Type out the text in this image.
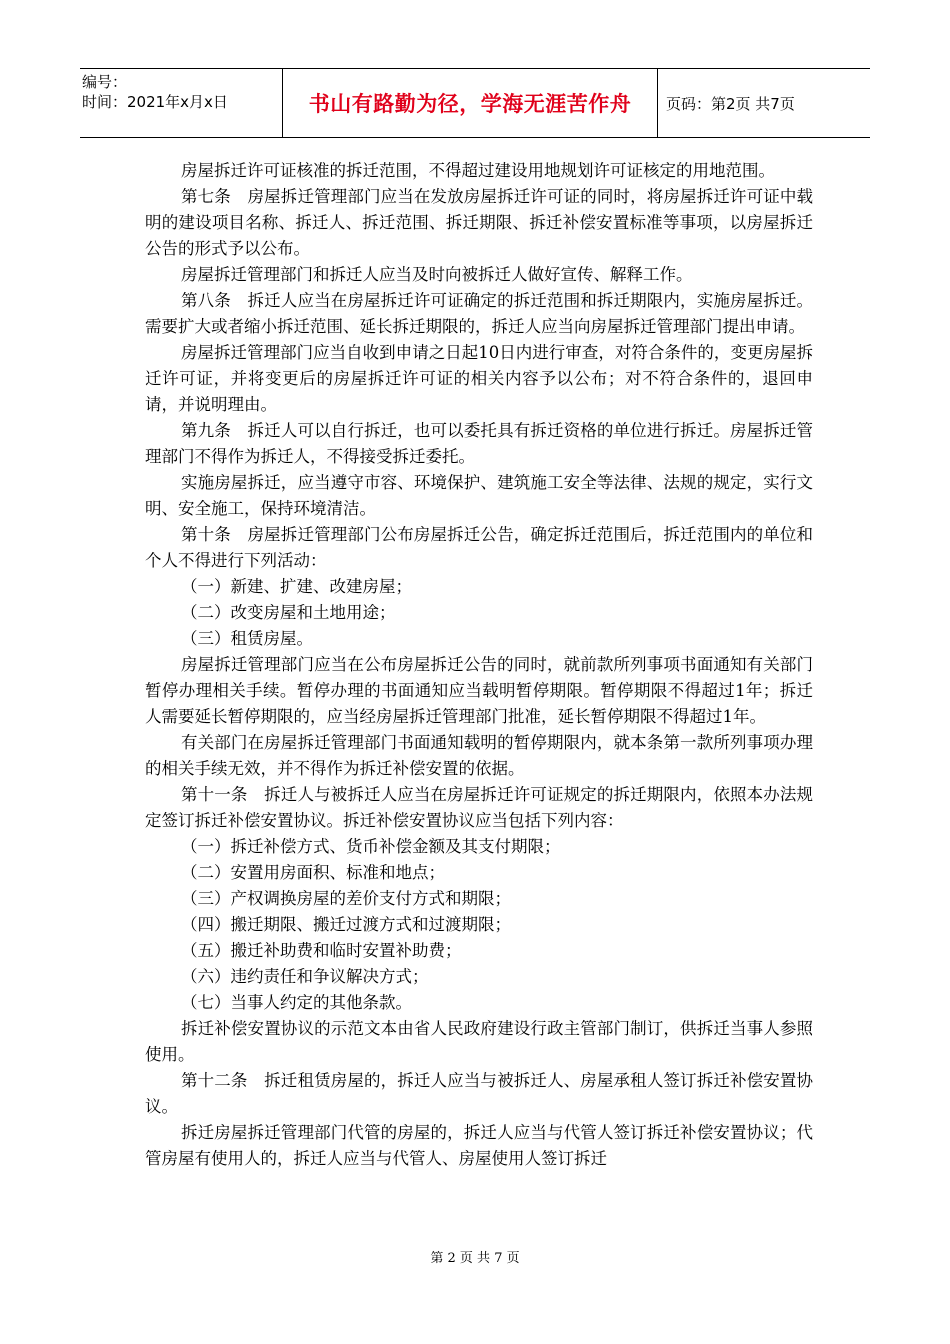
编号：
时间：2021年x月x日	书山有路勤为径，学海无涯苦作舟	页码：第2页 共7页

房屋拆迁许可证核准的拆迁范围，不得超过建设用地规划许可证核定的用地范围。

第七条　房屋拆迁管理部门应当在发放房屋拆迁许可证的同时，将房屋拆迁许可证中载明的建设项目名称、拆迁人、拆迁范围、拆迁期限、拆迁补偿安置标准等事项，以房屋拆迁公告的形式予以公布。

房屋拆迁管理部门和拆迁人应当及时向被拆迁人做好宣传、解释工作。

第八条　拆迁人应当在房屋拆迁许可证确定的拆迁范围和拆迁期限内，实施房屋拆迁。需要扩大或者缩小拆迁范围、延长拆迁期限的，拆迁人应当向房屋拆迁管理部门提出申请。

房屋拆迁管理部门应当自收到申请之日起10日内进行审查，对符合条件的，变更房屋拆迁许可证，并将变更后的房屋拆迁许可证的相关内容予以公布；对不符合条件的，退回申请，并说明理由。

第九条　拆迁人可以自行拆迁，也可以委托具有拆迁资格的单位进行拆迁。房屋拆迁管理部门不得作为拆迁人，不得接受拆迁委托。

实施房屋拆迁，应当遵守市容、环境保护、建筑施工安全等法律、法规的规定，实行文明、安全施工，保持环境清洁。

第十条　房屋拆迁管理部门公布房屋拆迁公告，确定拆迁范围后，拆迁范围内的单位和个人不得进行下列活动：

（一）新建、扩建、改建房屋；

（二）改变房屋和土地用途；

（三）租赁房屋。

房屋拆迁管理部门应当在公布房屋拆迁公告的同时，就前款所列事项书面通知有关部门暂停办理相关手续。暂停办理的书面通知应当载明暂停期限。暂停期限不得超过1年；拆迁人需要延长暂停期限的，应当经房屋拆迁管理部门批准，延长暂停期限不得超过1年。

有关部门在房屋拆迁管理部门书面通知载明的暂停期限内，就本条第一款所列事项办理的相关手续无效，并不得作为拆迁补偿安置的依据。

第十一条　拆迁人与被拆迁人应当在房屋拆迁许可证规定的拆迁期限内，依照本办法规定签订拆迁补偿安置协议。拆迁补偿安置协议应当包括下列内容：

（一）拆迁补偿方式、货币补偿金额及其支付期限；

（二）安置用房面积、标准和地点；

（三）产权调换房屋的差价支付方式和期限；

（四）搬迁期限、搬迁过渡方式和过渡期限；

（五）搬迁补助费和临时安置补助费；

（六）违约责任和争议解决方式；

（七）当事人约定的其他条款。

拆迁补偿安置协议的示范文本由省人民政府建设行政主管部门制订，供拆迁当事人参照使用。

第十二条　拆迁租赁房屋的，拆迁人应当与被拆迁人、房屋承租人签订拆迁补偿安置协议。

拆迁房屋拆迁管理部门代管的房屋的，拆迁人应当与代管人签订拆迁补偿安置协议；代管房屋有使用人的，拆迁人应当与代管人、房屋使用人签订拆迁

第 2 页 共 7 页
